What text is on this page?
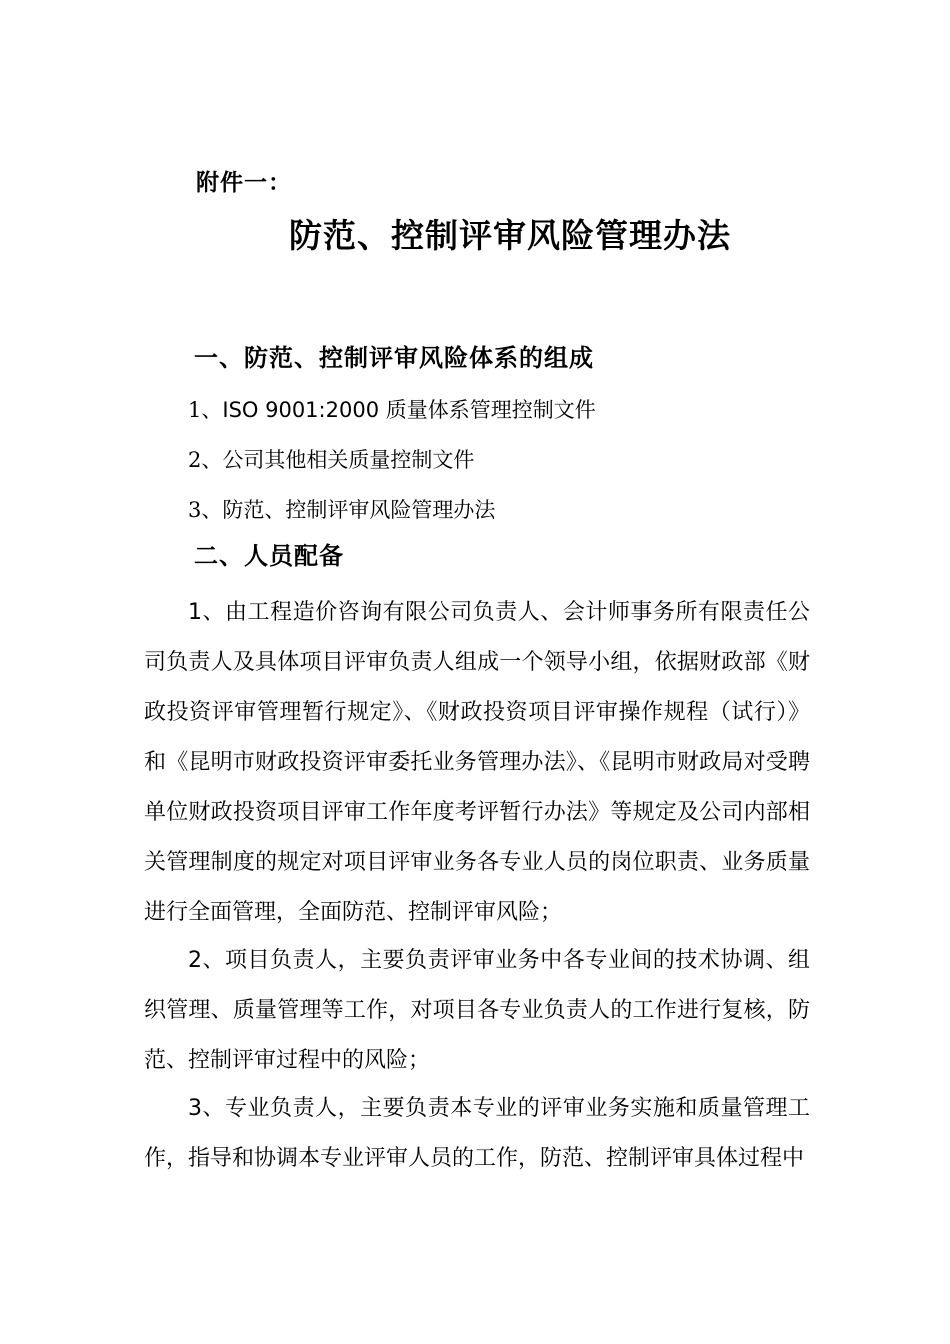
附件一：
防范、控制评审风险管理办法
一、防范、控制评审风险体系的组成
1、ISO 9001:2000 质量体系管理控制文件
2、公司其他相关质量控制文件
3、防范、控制评审风险管理办法
二、人员配备

1、由工程造价咨询有限公司负责人、会计师事务所有限责任公司负责人及具体项目评审负责人组成一个领导小组，依据财政部《财政投资评审管理暂行规定》、《财政投资项目评审操作规程（试行）》和《昆明市财政投资评审委托业务管理办法》、《昆明市财政局对受聘单位财政投资项目评审工作年度考评暂行办法》等规定及公司内部相关管理制度的规定对项目评审业务各专业人员的岗位职责、业务质量进行全面管理，全面防范、控制评审风险；

2、项目负责人，主要负责评审业务中各专业间的技术协调、组织管理、质量管理等工作，对项目各专业负责人的工作进行复核，防范、控制评审过程中的风险；

3、专业负责人，主要负责本专业的评审业务实施和质量管理工作，指导和协调本专业评审人员的工作，防范、控制评审具体过程中
